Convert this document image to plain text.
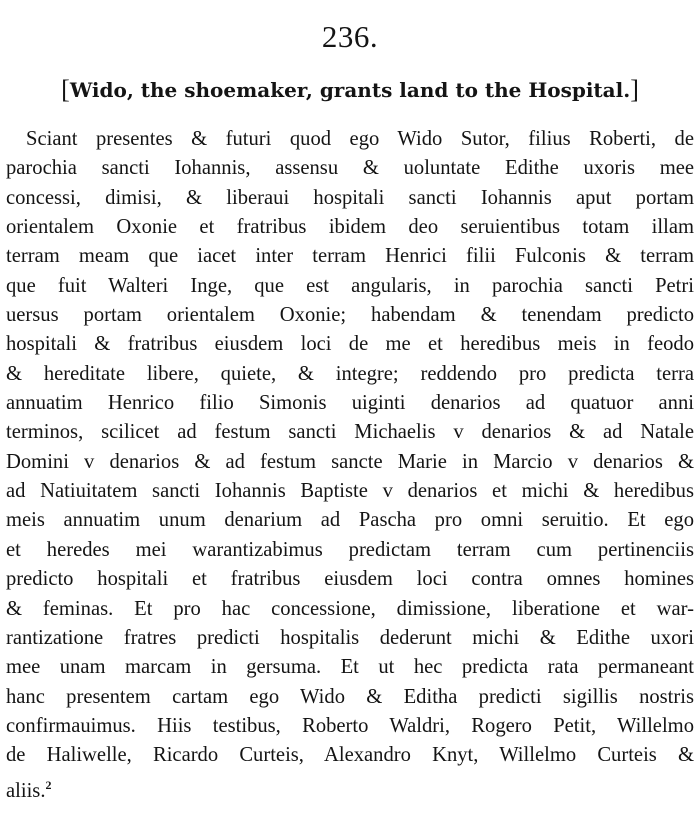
236.
[Wido, the shoemaker, grants land to the Hospital.]
Sciant presentes & futuri quod ego Wido Sutor, filius Roberti, de
parochia sancti Iohannis, assensu & uoluntate Edithe uxoris mee
concessi, dimisi, & liberaui hospitali sancti Iohannis aput portam
orientalem Oxonie et fratribus ibidem deo seruientibus totam illam
terram meam que iacet inter terram Henrici filii Fulconis & terram
que fuit Walteri Inge, que est angularis, in parochia sancti Petri
uersus portam orientalem Oxonie; habendam & tenendam predicto
hospitali & fratribus eiusdem loci de me et heredibus meis in feodo
& hereditate libere, quiete, & integre; reddendo pro predicta terra
annuatim Henrico filio Simonis uiginti denarios ad quatuor anni
terminos, scilicet ad festum sancti Michaelis v denarios & ad Natale
Domini v denarios & ad festum sancte Marie in Marcio v denarios &
ad Natiuitatem sancti Iohannis Baptiste v denarios et michi & heredibus
meis annuatim unum denarium ad Pascha pro omni seruitio. Et ego
et heredes mei warantizabimus predictam terram cum pertinenciis
predicto hospitali et fratribus eiusdem loci contra omnes homines
& feminas. Et pro hac concessione, dimissione, liberatione et war-
rantizatione fratres predicti hospitalis dederunt michi & Edithe uxori
mee unam marcam in gersuma. Et ut hec predicta rata permaneant
hanc presentem cartam ego Wido & Editha predicti sigillis nostris
confirmauimus. Hiis testibus, Roberto Waldri, Rogero Petit, Willelmo
de Haliwelle, Ricardo Curteis, Alexandro Knyt, Willelmo Curteis &
aliis.$^2$
